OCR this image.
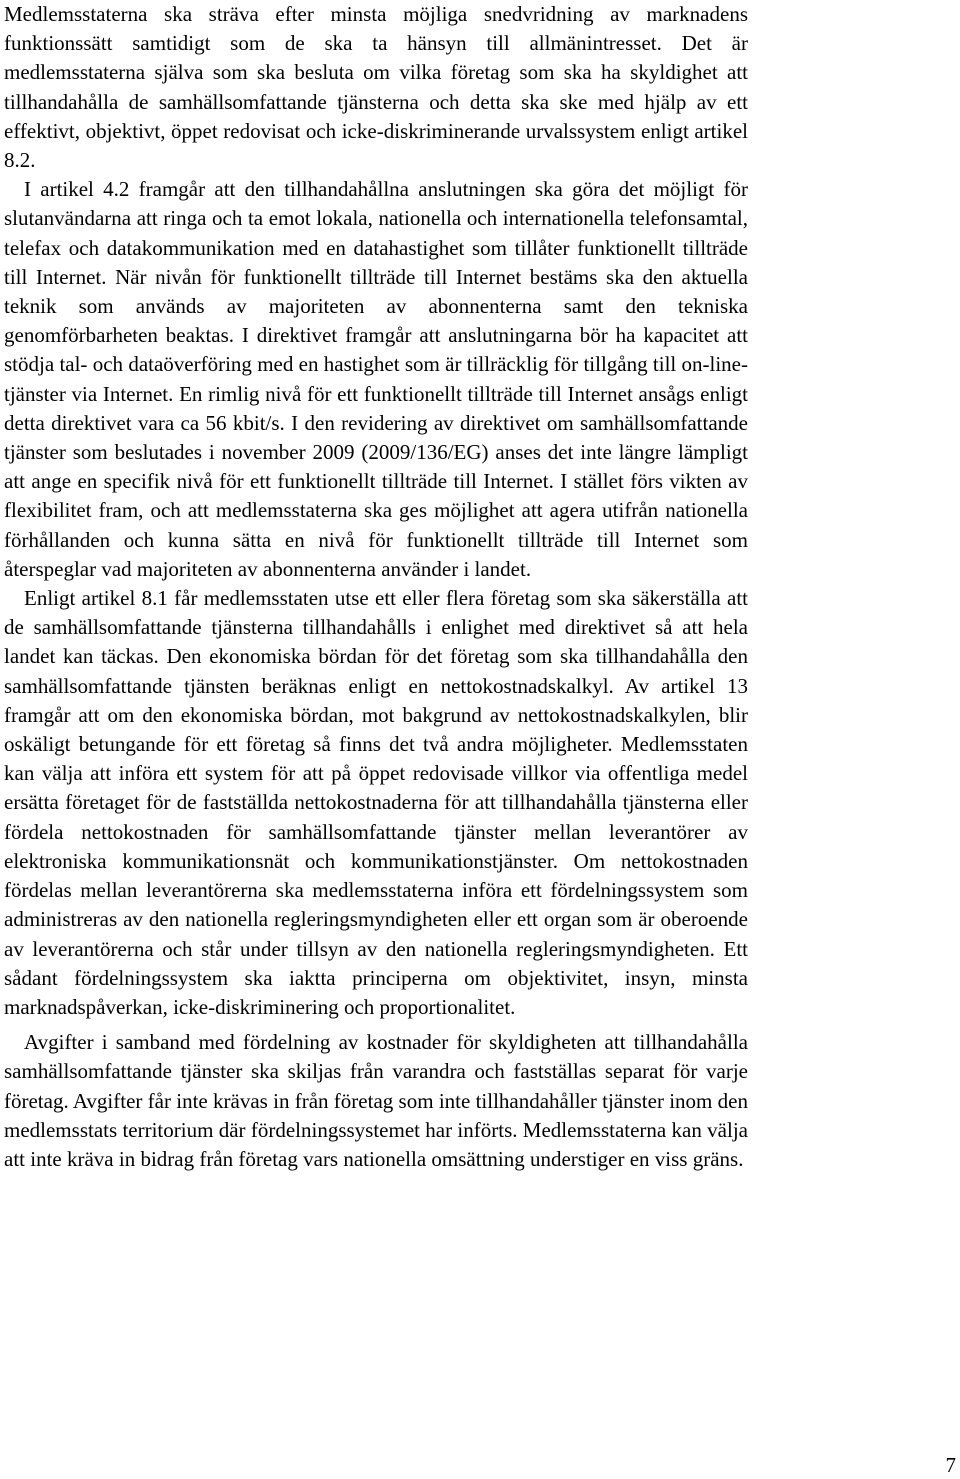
Medlemsstaterna ska sträva efter minsta möjliga snedvridning av marknadens funktionssätt samtidigt som de ska ta hänsyn till allmänintresset. Det är medlemsstaterna själva som ska besluta om vilka företag som ska ha skyldighet att tillhandahålla de samhällsomfattande tjänsterna och detta ska ske med hjälp av ett effektivt, objektivt, öppet redovisat och icke-diskriminerande urvalssystem enligt artikel 8.2.

I artikel 4.2 framgår att den tillhandahållna anslutningen ska göra det möjligt för slutanvändarna att ringa och ta emot lokala, nationella och internationella telefonsamtal, telefax och datakommunikation med en datahastighet som tillåter funktionellt tillträde till Internet. När nivån för funktionellt tillträde till Internet bestäms ska den aktuella teknik som används av majoriteten av abonnenterna samt den tekniska genomförbarheten beaktas. I direktivet framgår att anslutningarna bör ha kapacitet att stödja tal- och dataöverföring med en hastighet som är tillräcklig för tillgång till on-line-tjänster via Internet. En rimlig nivå för ett funktionellt tillträde till Internet ansågs enligt detta direktivet vara ca 56 kbit/s. I den revidering av direktivet om samhällsomfattande tjänster som beslutades i november 2009 (2009/136/EG) anses det inte längre lämpligt att ange en specifik nivå för ett funktionellt tillträde till Internet. I stället förs vikten av flexibilitet fram, och att medlemsstaterna ska ges möjlighet att agera utifrån nationella förhållanden och kunna sätta en nivå för funktionellt tillträde till Internet som återspeglar vad majoriteten av abonnenterna använder i landet.

Enligt artikel 8.1 får medlemsstaten utse ett eller flera företag som ska säkerställa att de samhällsomfattande tjänsterna tillhandahålls i enlighet med direktivet så att hela landet kan täckas. Den ekonomiska bördan för det företag som ska tillhandahålla den samhällsomfattande tjänsten beräknas enligt en nettokostnadskalkyl. Av artikel 13 framgår att om den ekonomiska bördan, mot bakgrund av nettokostnadskalkylen, blir oskäligt betungande för ett företag så finns det två andra möjligheter. Medlemsstaten kan välja att införa ett system för att på öppet redovisade villkor via offentliga medel ersätta företaget för de fastställda nettokostnaderna för att tillhandahålla tjänsterna eller fördela nettokostnaden för samhällsomfattande tjänster mellan leverantörer av elektroniska kommunikationsnät och kommunikationstjänster. Om nettokostnaden fördelas mellan leverantörerna ska medlemsstaterna införa ett fördelningssystem som administreras av den nationella regleringsmyndigheten eller ett organ som är oberoende av leverantörerna och står under tillsyn av den nationella regleringsmyndigheten. Ett sådant fördelningssystem ska iaktta principerna om objektivitet, insyn, minsta marknadspåverkan, icke-diskriminering och proportionalitet.

Avgifter i samband med fördelning av kostnader för skyldigheten att tillhandahålla samhällsomfattande tjänster ska skiljas från varandra och fastställas separat för varje företag. Avgifter får inte krävas in från företag som inte tillhandahåller tjänster inom den medlemsstats territorium där fördelningssystemet har införts. Medlemsstaterna kan välja att inte kräva in bidrag från företag vars nationella omsättning understiger en viss gräns.

7
